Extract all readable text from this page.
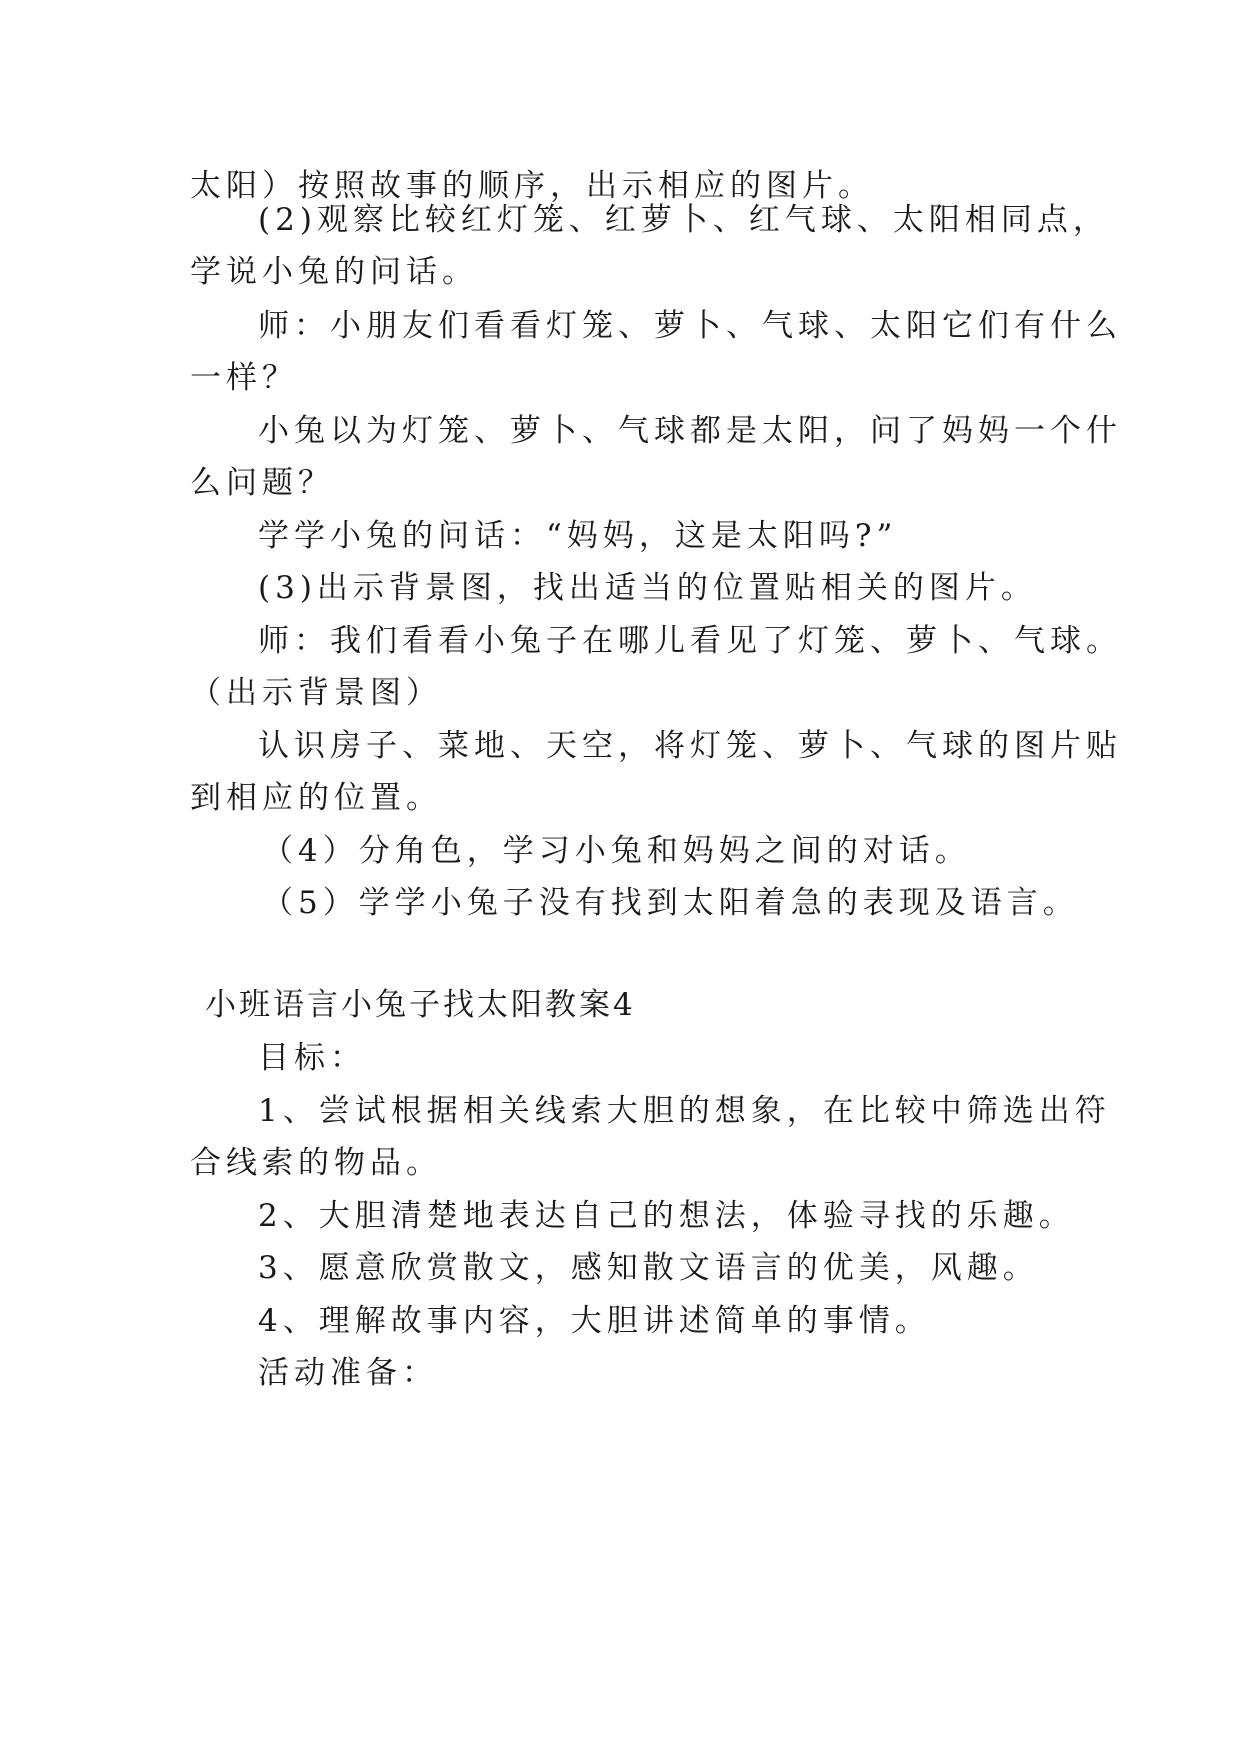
太阳）按照故事的顺序，出示相应的图片。
(2)观察比较红灯笼、红萝卜、红气球、太阳相同点，
学说小兔的问话。
师：小朋友们看看灯笼、萝卜、气球、太阳它们有什么
一样？
小兔以为灯笼、萝卜、气球都是太阳，问了妈妈一个什
么问题？
学学小兔的问话：“妈妈，这是太阳吗?”
(3)出示背景图，找出适当的位置贴相关的图片。
师：我们看看小兔子在哪儿看见了灯笼、萝卜、气球。
（出示背景图）
认识房子、菜地、天空，将灯笼、萝卜、气球的图片贴
到相应的位置。
（4）分角色，学习小兔和妈妈之间的对话。
（5）学学小兔子没有找到太阳着急的表现及语言。
小班语言小兔子找太阳教案4
目标：
1、尝试根据相关线索大胆的想象，在比较中筛选出符
合线索的物品。
2、大胆清楚地表达自己的想法，体验寻找的乐趣。
3、愿意欣赏散文，感知散文语言的优美，风趣。
4、理解故事内容，大胆讲述简单的事情。
活动准备：
